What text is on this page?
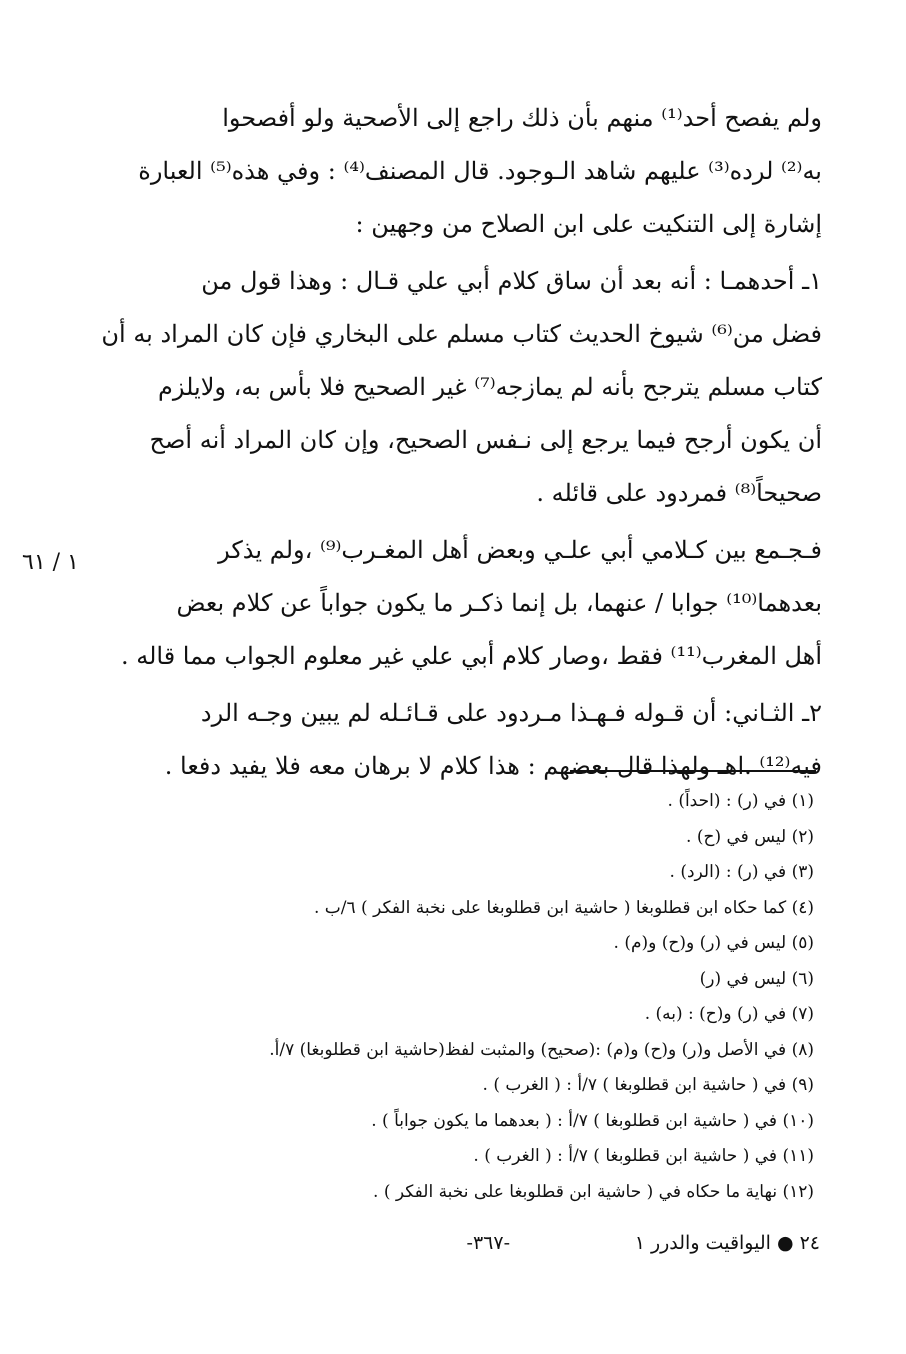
ولم يفصح أحد⁽¹⁾ منهم بأن ذلك راجع إلى الأصحية ولو أفصحوا
به⁽²⁾ لرده⁽³⁾ عليهم شاهد الـوجود. قال المصنف⁽⁴⁾ : وفي هذه⁽⁵⁾ العبارة
إشارة إلى التنكيت على ابن الصلاح من وجهين :

١ـ أحدهمـا : أنه بعد أن ساق كلام أبي علي قـال : وهذا قول من
فضل من⁽⁶⁾ شيوخ الحديث كتاب مسلم على البخاري فإن كان المراد به أن
كتاب مسلم يترجح بأنه لم يمازجه⁽⁷⁾ غير الصحيح فلا بأس به، ولايلزم
أن يكون أرجح فيما يرجع إلى نـفس الصحيح، وإن كان المراد أنه أصح
صحيحاً⁽⁸⁾ فمردود على قائله .

فـجـمع بين كـلامي أبي علـي وبعض أهل المغـرب⁽⁹⁾ ،ولم يذكر
بعدهما⁽¹⁰⁾ جوابا / عنهما، بل إنما ذكـر ما يكون جواباً عن كلام بعض
أهل المغرب⁽¹¹⁾ فقط ،وصار كلام أبي علي غير معلوم الجواب مما قاله .

٢ـ الثـاني: أن قـوله فـهـذا مـردود على قـائـله لم يبين وجـه الرد
فيه⁽¹²⁾ .اهـ ولهذا قال بعضهم : هذا كلام لا برهان معه فلا يفيد دفعا .

١ / ٦١
(١) في (ر) : (احداً) .
(٢) ليس في (ح) .
(٣) في (ر) : (الرد) .
(٤) كما حكاه ابن قطلوبغا ( حاشية ابن قطلوبغا على نخبة الفكر ) ٦/ب .
(٥) ليس في (ر) و(ح) و(م) .
(٦) ليس في (ر)
(٧) في (ر) و(ح) : (به) .
(٨) في الأصل و(ر) و(ح) و(م) :(صحيح) والمثبت لفظ(حاشية ابن قطلوبغا) ٧/أ.
(٩) في ( حاشية ابن قطلوبغا ) ٧/أ : ( الغرب ) .
(١٠) في ( حاشية ابن قطلوبغا ) ٧/أ : ( بعدهما ما يكون جواباً ) .
(١١) في ( حاشية ابن قطلوبغا ) ٧/أ : ( الغرب ) .
(١٢) نهاية ما حكاه في ( حاشية ابن قطلوبغا على نخبة الفكر ) .
٢٤ ● اليواقيت والدرر ١
-٣٦٧-
